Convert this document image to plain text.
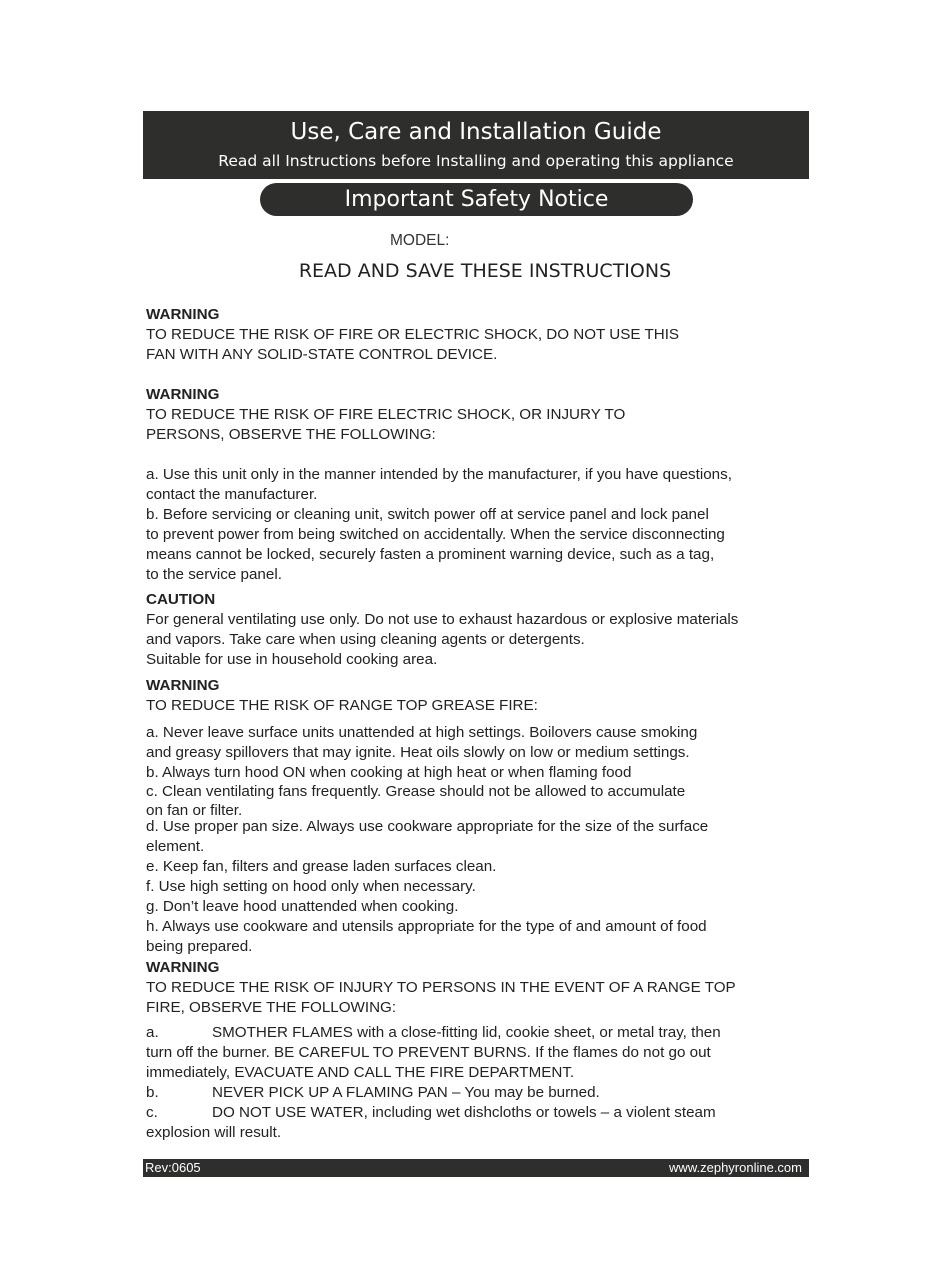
Use, Care and Installation Guide
Read all Instructions before Installing and operating this appliance
Important Safety Notice
MODEL:
READ AND SAVE THESE INSTRUCTIONS
WARNING
TO REDUCE THE RISK OF FIRE OR ELECTRIC SHOCK, DO NOT USE THIS
FAN WITH ANY SOLID-STATE CONTROL DEVICE.
WARNING
TO REDUCE THE RISK OF FIRE ELECTRIC SHOCK, OR INJURY TO
PERSONS, OBSERVE THE FOLLOWING:
a. Use this unit only in the manner intended by the manufacturer, if you have questions,
contact the manufacturer.
b. Before servicing or cleaning unit, switch power off at service panel and lock panel
to prevent power from being switched on accidentally. When the service disconnecting
means cannot be locked, securely fasten a prominent warning device, such as a tag,
to the service panel.
CAUTION
For general ventilating use only. Do not use to exhaust hazardous or explosive materials
and vapors. Take care when using cleaning agents or detergents.
Suitable for use in household cooking area.
WARNING
TO REDUCE THE RISK OF RANGE TOP GREASE FIRE:
a. Never leave surface units unattended at high settings. Boilovers cause smoking
and greasy spillovers that may ignite. Heat oils slowly on low or medium settings.
b. Always turn hood ON when cooking at high heat or when flaming food
c. Clean ventilating fans frequently. Grease should not be allowed to accumulate
on fan or filter.
d. Use proper pan size. Always use cookware appropriate for the size of the surface
element.
e. Keep fan, filters and grease laden surfaces clean.
f. Use high setting on hood only when necessary.
g. Don’t leave hood unattended when cooking.
h. Always use cookware and utensils appropriate for the type of and amount of food
being prepared.
WARNING
TO REDUCE THE RISK OF INJURY TO PERSONS IN THE EVENT OF A RANGE TOP
FIRE, OBSERVE THE FOLLOWING:
a.	SMOTHER FLAMES with a close-fitting lid, cookie sheet, or metal tray, then
turn off the burner. BE CAREFUL TO PREVENT BURNS. If the flames do not go out
immediately, EVACUATE AND CALL THE FIRE DEPARTMENT.
b.	NEVER PICK UP A FLAMING PAN – You may be burned.
c.	DO NOT USE WATER, including wet dishcloths or towels – a violent steam
explosion will result.
Rev:0605	www.zephyronline.com
